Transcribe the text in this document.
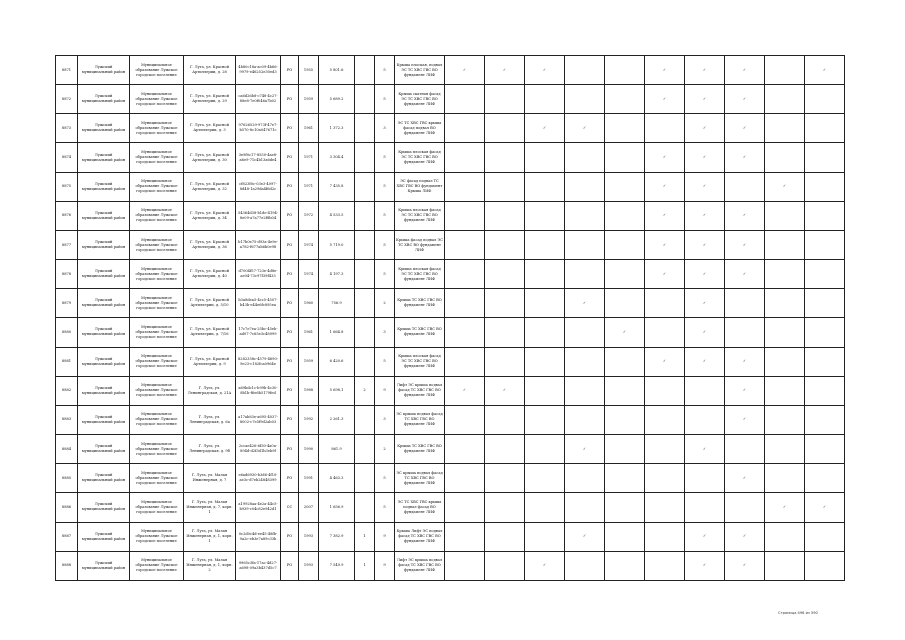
8871	Лужский муниципальный район	Муниципальное образование Лужское городское поселение	Г. Луга, ул. Красной Артиллерии, д. 28	4b80c18a-ac09-4b66-9979-e46252e30ed3	РО	1955	5 801.6		5	Крыша плоская, подвал ЭС ТС ХВС ГВС ВО фундамент ЛИФ	✓	✓	✓			✓	✓	✓		✓
8872	Лужский муниципальный район	Муниципальное образование Лужское городское поселение	Г. Луга, ул. Красной Артиллерии, д. 29	ca6d26b8-c748-4c27-88e8-7e0f046a7b02	РО	1959	5 689.2		5	Крыша скатная фасад ЭС ТС ХВС ГВС ВО фундамент ЛИФ						✓	✓	✓		
8873	Лужский муниципальный район	Муниципальное образование Лужское городское поселение	Г. Луга, ул. Красной Артиллерии, д. 3	97626529-973f-47e7-b570-8c10a047671c	РО	1961	1 372.3		3	ЭС ТС ХВС ГВС крыша фасад подвал ВО фундамент ЛИФ			✓	✓			✓	✓		
8874	Лужский муниципальный район	Муниципальное образование Лужское городское поселение	Г. Луга, ул. Красной Артиллерии, д. 30	3e9f0c17-8550-4ae8-a6e9-71c4b13a6de4	РО	1971	3 304.4		5	Крыша плоская фасад ЭС ТС ХВС ГВС ВО фундамент ЛИФ						✓	✓	✓		
8875	Лужский муниципальный район	Муниципальное образование Лужское городское поселение	Г. Луга, ул. Красной Артиллерии, д. 32	cf823f0c-03e3-4097-8d48-1a29da4f6d2c	РО	1971	7 435.8		5	ЭС фасад подвал ТС ХВС ГВС ВО фундамент Крыша ЛИФ						✓	✓		✓	
8876	Лужский муниципальный район	Муниципальное образование Лужское городское поселение	Г. Луга, ул. Красной Артиллерии, д. 34	54364d38-b1de-4194-8e09-a7a77e2f8b04	РО	1972	4 533.5		5	Крыша плоская фасад ЭС ТС ХВС ГВС ВО фундамент ЛИФ						✓	✓	✓		
8877	Лужский муниципальный район	Муниципальное образование Лужское городское поселение	Г. Луга, ул. Красной Артиллерии, д. 36	b17b0e75-d93a-4e9e-a782-f677ab6b0e98	РО	1974	5 719.0		5	Крыша фасад подвал ЭС ТС ХВС ВО фундамент ЛИФ						✓	✓	✓		
8878	Лужский муниципальный район	Муниципальное образование Лужское городское поселение	Г. Луга, ул. Красной Артиллерии, д. 40	d7004f57-723e-4d8e-ae04-73c97f39f433	РО	1974	4 197.3		5	Крыша плоская фасад ЭС ТС ХВС ГВС ВО фундамент ЛИФ						✓	✓	✓		
8879	Лужский муниципальный район	Муниципальное образование Лужское городское поселение	Г. Луга, ул. Красной Артиллерии, д. 5/10	b3a8dea5-4cc5-4507-b43b-e44e6fc895ea	РО	1960	756.9		2	Крыша ТС ХВС ГВС ВО фундамент ЛИФ				✓			✓			
8880	Лужский муниципальный район	Муниципальное образование Лужское городское поселение	Г. Луга, ул. Красной Артиллерии, д. 7/16	17c7e7ea-25bc-45eb-ad07-7c65e3c48999	РО	1961	1 664.8		3	Крыша ТС ХВС ГВС ВО фундамент ЛИФ					✓		✓			
8881	Лужский муниципальный район	Муниципальное образование Лужское городское поселение	Г. Луга, ул. Красной Артиллерии, д. 9	8282358c-4579-4690-9e23-c182fca0964e	РО	1959	6 420.6		5	Крыша плоская фасад ЭС ТС ХВС ГВС ВО фундамент ЛИФ						✓	✓	✓		
8882	Лужский муниципальный район	Муниципальное образование Лужское городское поселение	Г. Луга, ул. Ленинградская, д. 21А	a69bdc1c-b99b-4c30-8b1b-f6e6b5179fed	РО	1988	5 698.1	2	9	Лифт ЭС крыша подвал фасад ТС ХВС ГВС ВО фундамент ЛИФ	✓	✓						✓		
8883	Лужский муниципальный район	Муниципальное образование Лужское городское поселение	Г. Луга, ул. Ленинградская, д. 6а	a17ab83e-a695-4037-8002-c7e5f9d2ab03	РО	1992	2 261.3		3	ЭС крыша подвал фасад ТС ХВС ГВС ВО фундамент ЛИФ								✓		
8884	Лужский муниципальный район	Муниципальное образование Лужское городское поселение	Г. Луга, ул. Ленинградская, д. 9б	2ccae426-6f30-4a0a-894d-d2f3d1b3eb9f	РО	1990	861.9		2	Крыша ТС ХВС ГВС ВО фундамент ЛИФ				✓			✓			
8885	Лужский муниципальный район	Муниципальное образование Лужское городское поселение	Г. Луга, ул. Малая Инженерная, д. 7	e6ad6930-b3d6-4f10-ae3c-d7eb24848399	РО	1991	4 463.3		5	ЭС крыша подвал фасад ТС ХВС ГВС ВО фундамент ЛИФ								✓		
8886	Лужский муниципальный район	Муниципальное образование Лужское городское поселение	Г. Луга, ул. Малая Инженерная, д. 7, корп. 1	a19928aa-4e2a-44c5-b939-c04c82e942d1	СС	2007	1 656.9		5	ЭС ТС ХВС ГВС крыша подвал фасад ВО фундамент ЛИФ									✓	✓
8887	Лужский муниципальный район	Муниципальное образование Лужское городское поселение	Г. Луга, ул. Малая Инженерная, д. 1, корп. 1	0c2d0c4d-ee45-48fb-9a2c-eb3e7a89c33b	РО	1993	7 382.9	1	9	Крыша Лифт ЭС подвал фасад ТС ХВС ГВС ВО фундамент ЛИФ				✓			✓	✓		
8888	Лужский муниципальный район	Муниципальное образование Лужское городское поселение	Г. Луга, ул. Малая Инженерная, д. 1, корп. 2	9965c3fa-17ac-4d27-a698-09a3b437d5c7	РО	1993	7 549.9	1	9	Лифт ЭС крыша подвал фасад ТС ХВС ГВС ВО фундамент ЛИФ			✓				✓	✓		
Страница 496 из 590
